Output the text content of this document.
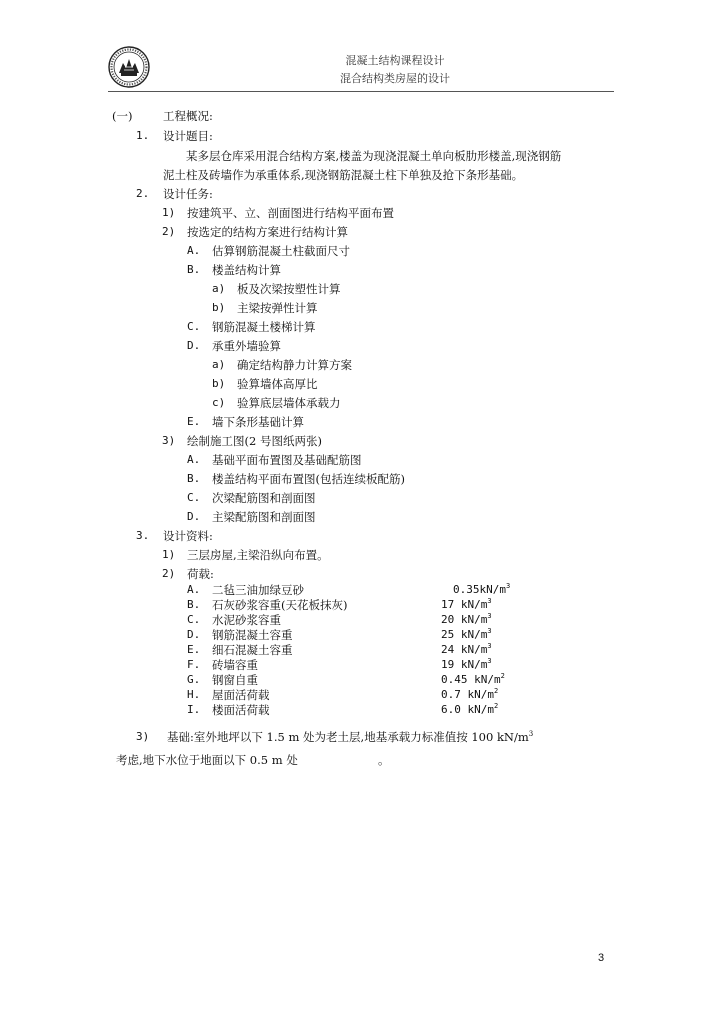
混凝土结构课程设计
混合结构类房屋的设计
(一)	工程概况:
1. 设计题目:
某多层仓库采用混合结构方案,楼盖为现浇混凝土单向板肋形楼盖,现浇钢筋
泥土柱及砖墙作为承重体系,现浇钢筋混凝土柱下单独及抢下条形基础。
2. 设计任务:
1) 按建筑平、立、剖面图进行结构平面布置
2) 按选定的结构方案进行结构计算
A. 估算钢筋混凝土柱截面尺寸
B. 楼盖结构计算
a) 板及次梁按塑性计算
b) 主梁按弹性计算
C. 钢筋混凝土楼梯计算
D. 承重外墙验算
a) 确定结构静力计算方案
b) 验算墙体高厚比
c) 验算底层墙体承载力
E. 墙下条形基础计算
3) 绘制施工图(2 号图纸两张)
A. 基础平面布置图及基础配筋图
B. 楼盖结构平面布置图(包括连续板配筋)
C. 次梁配筋图和剖面图
D. 主梁配筋图和剖面图
3. 设计资料:
1) 三层房屋,主梁沿纵向布置。
2) 荷载:
A. 二毡三油加绿豆砂	$0.35kN/m^3$
B. 石灰砂浆容重(天花板抹灰)	17 $kN/m^3$
C. 水泥砂浆容重	20 $kN/m^3$
D. 钢筋混凝土容重	25 $kN/m^3$
E. 细石混凝土容重	24 $kN/m^3$
F. 砖墙容重	19 $kN/m^3$
G. 钢窗自重	0.45 $kN/m^2$
H. 屋面活荷载	0.7 $kN/m^2$
I. 楼面活荷载	6.0 $kN/m^2$
3) 基础:室外地坪以下 1.5 m 处为老土层,地基承载力标准值按 100 $kN/m^3$
考虑,地下水位于地面以下 0.5 m 处	。
3
